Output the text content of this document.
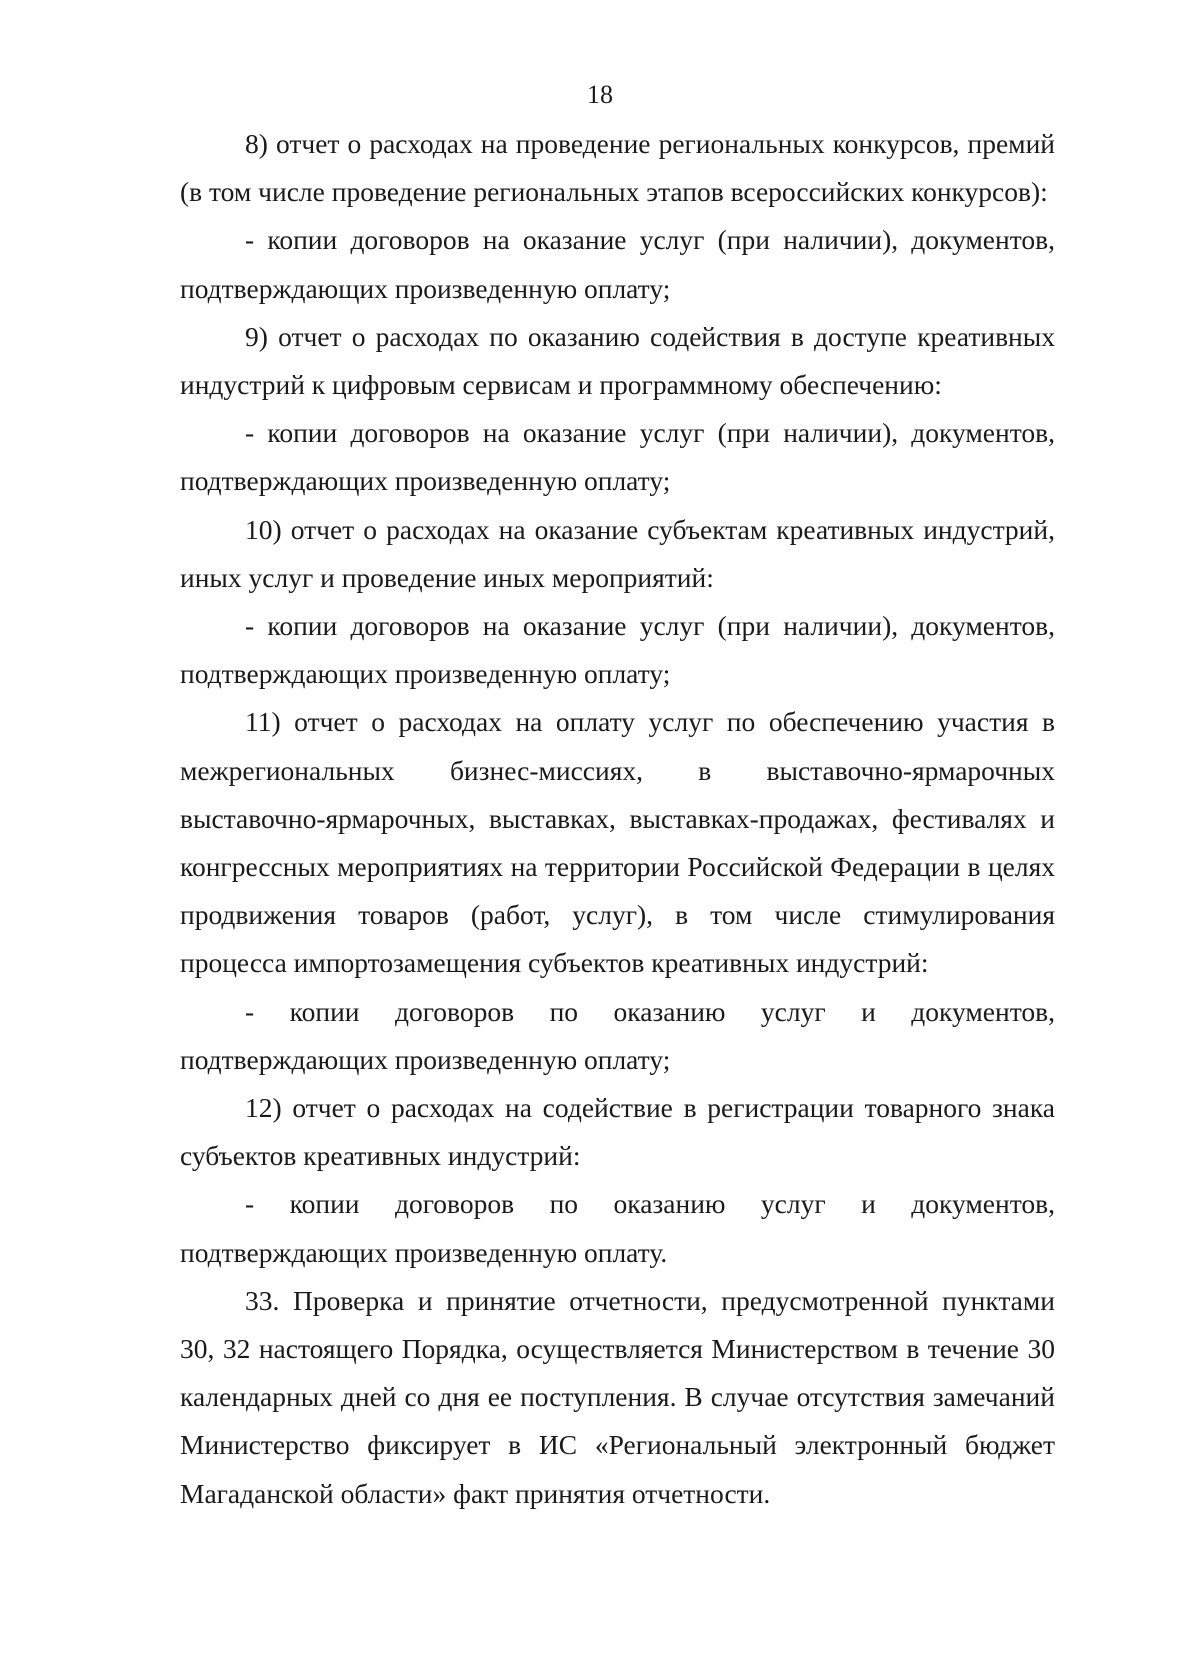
18

8) отчет о расходах на проведение региональных конкурсов, премий (в том числе проведение региональных этапов всероссийских конкурсов):

- копии договоров на оказание услуг (при наличии), документов, подтверждающих произведенную оплату;

9) отчет о расходах по оказанию содействия в доступе креативных индустрий к цифровым сервисам и программному обеспечению:

- копии договоров на оказание услуг (при наличии), документов, подтверждающих произведенную оплату;

10) отчет о расходах на оказание субъектам креативных индустрий, иных услуг и проведение иных мероприятий:

- копии договоров на оказание услуг (при наличии), документов, подтверждающих произведенную оплату;

11) отчет о расходах на оплату услуг по обеспечению участия в межрегиональных бизнес-миссиях, в выставочно-ярмарочных выставочно-ярмарочных, выставках, выставках-продажах, фестивалях и конгрессных мероприятиях на территории Российской Федерации в целях продвижения товаров (работ, услуг), в том числе стимулирования процесса импортозамещения субъектов креативных индустрий:

- копии договоров по оказанию услуг и документов, подтверждающих произведенную оплату;

12) отчет о расходах на содействие в регистрации товарного знака субъектов креативных индустрий:

- копии договоров по оказанию услуг и документов, подтверждающих произведенную оплату.

33. Проверка и принятие отчетности, предусмотренной пунктами 30, 32 настоящего Порядка, осуществляется Министерством в течение 30 календарных дней со дня ее поступления. В случае отсутствия замечаний Министерство фиксирует в ИС «Региональный электронный бюджет Магаданской области» факт принятия отчетности.
